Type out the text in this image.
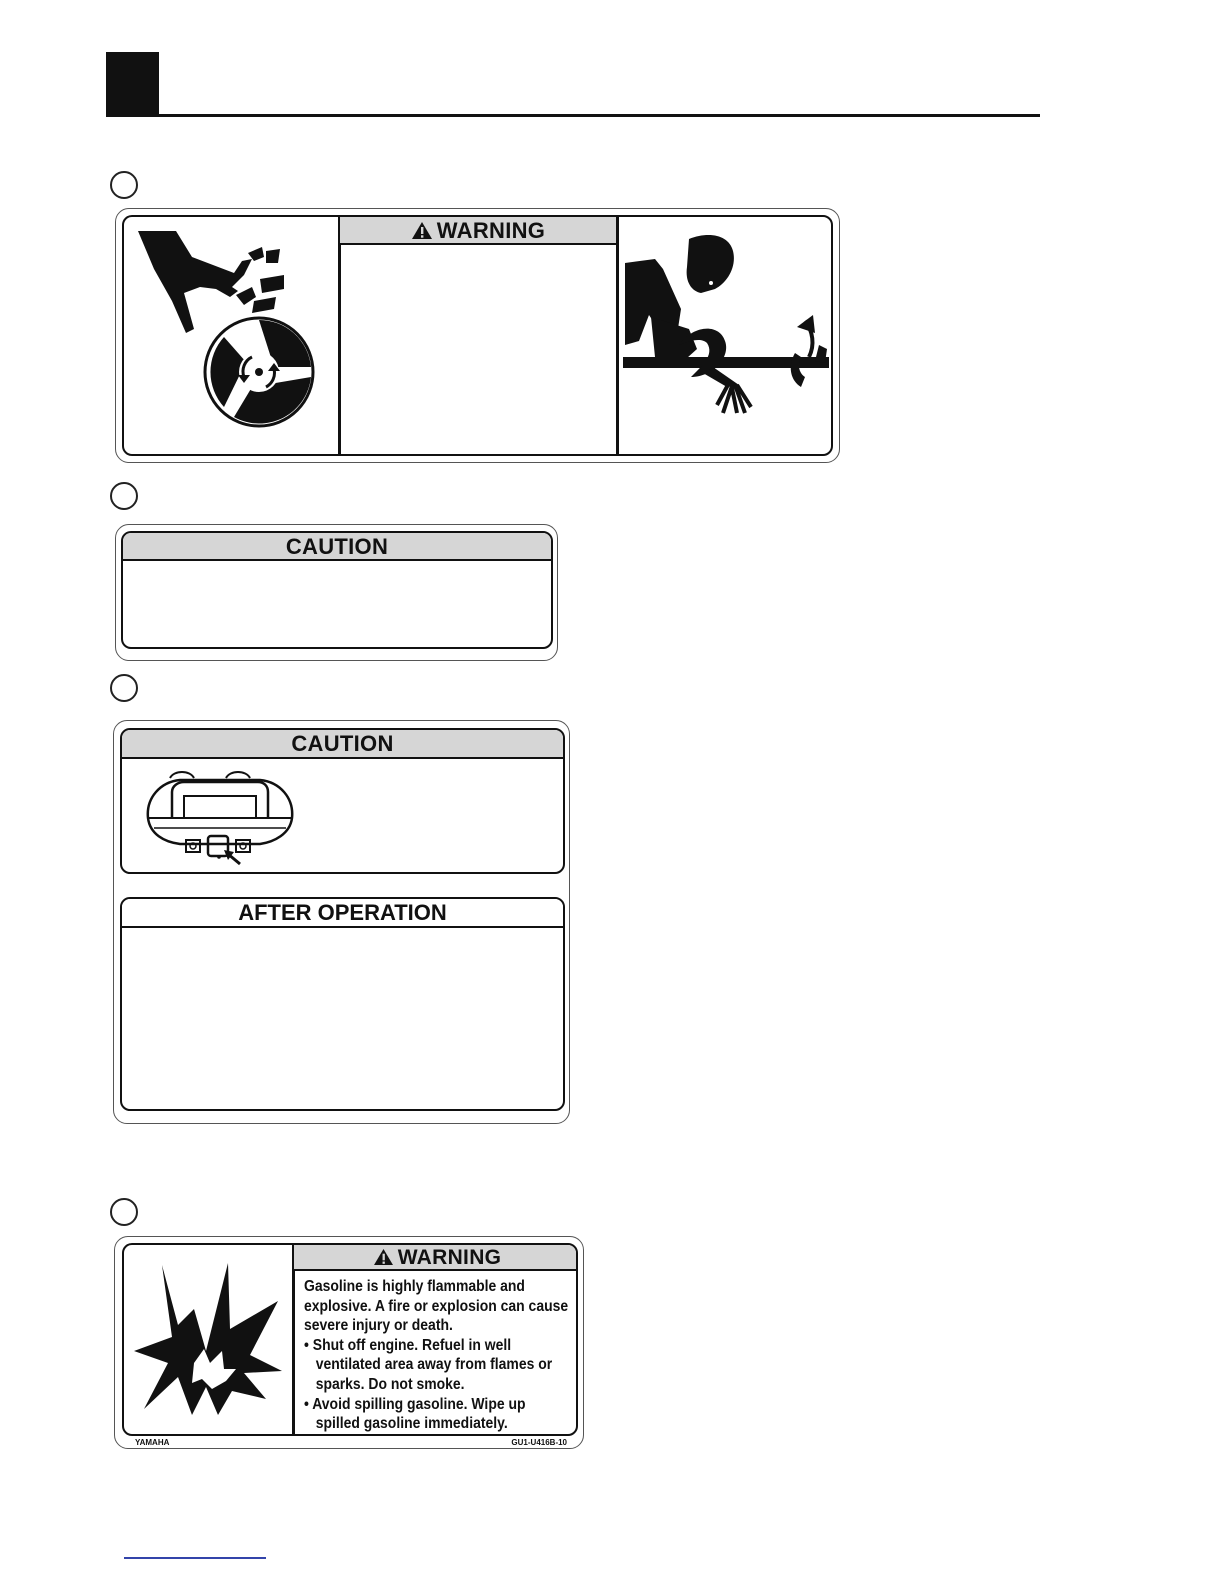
WARNING
CAUTION
CAUTION
AFTER OPERATION
WARNING

Gasoline is highly flammable and

explosive. A fire or explosion can cause

severe injury or death.

• Shut off engine. Refuel in well

ventilated area away from flames or

sparks. Do not smoke.

• Avoid spilling gasoline. Wipe up

spilled gasoline immediately.

YAMAHA	GU1-U416B-10
